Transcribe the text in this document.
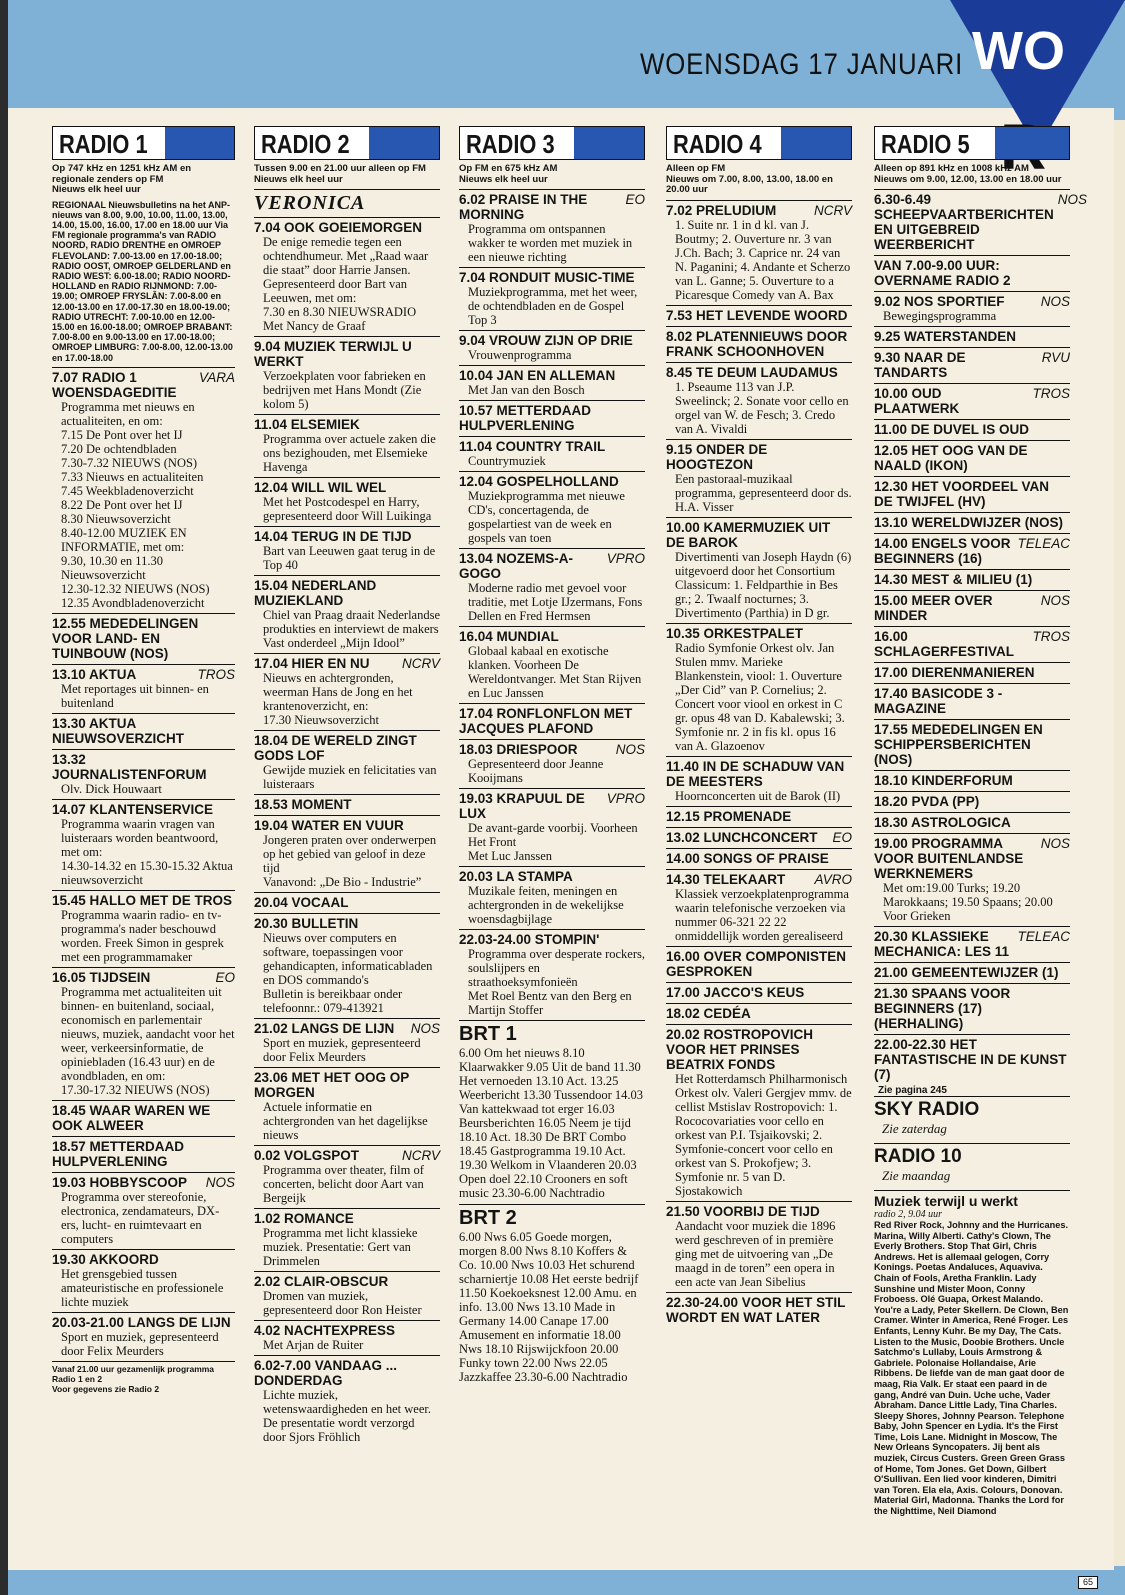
WO
WOENSDAG 17 JANUARI
RADIO 1
Op 747 kHz en 1251 kHz AM en regionale zenders op FM
Nieuws elk heel uur
REGIONAAL Nieuwsbulletins na het ANP-nieuws van 8.00, 9.00, 10.00, 11.00, 13.00, 14.00, 15.00, 16.00, 17.00 en 18.00 uur Via FM regionale programma's van RADIO NOORD, RADIO DRENTHE en OMROEP FLEVOLAND: 7.00-13.00 en 17.00-18.00; RADIO OOST, OMROEP GELDERLAND en RADIO WEST: 6.00-18.00; RADIO NOORD-HOLLAND en RADIO RIJNMOND: 7.00-19.00; OMROEP FRYSLÂN: 7.00-8.00 en 12.00-13.00 en 17.00-17.30 en 18.00-19.00; RADIO UTRECHT: 7.00-10.00 en 12.00-15.00 en 16.00-18.00; OMROEP BRABANT: 7.00-8.00 en 9.00-13.00 en 17.00-18.00; OMROEP LIMBURG: 7.00-8.00, 12.00-13.00 en 17.00-18.00
7.07 RADIO 1 WOENSDAGEDITIE
VARA
Programma met nieuws en actualiteiten, en om:
7.15 De Pont over het IJ
7.20 De ochtendbladen
7.30-7.32 NIEUWS (NOS)
7.33 Nieuws en actualiteiten
7.45 Weekbladenoverzicht
8.22 De Pont over het IJ
8.30 Nieuwsoverzicht
8.40-12.00 MUZIEK EN INFORMATIE, met om:
9.30, 10.30 en 11.30 Nieuwsoverzicht
12.30-12.32 NIEUWS (NOS)
12.35 Avondbladenoverzicht
12.55 MEDEDELINGEN VOOR LAND- EN TUINBOUW (NOS)
13.10 AKTUA	TROS
Met reportages uit binnen- en buitenland
13.30 AKTUA NIEUWSOVERZICHT
13.32 JOURNALISTENFORUM
Olv. Dick Houwaart
14.07 KLANTENSERVICE
Programma waarin vragen van luisteraars worden beantwoord, met om:
14.30-14.32 en 15.30-15.32 Aktua nieuwsoverzicht
15.45 HALLO MET DE TROS
Programma waarin radio- en tv-programma's nader beschouwd worden. Freek Simon in gesprek met een programmamaker
16.05 TIJDSEIN	EO
Programma met actualiteiten uit binnen- en buitenland, sociaal, economisch en parlementair nieuws, muziek, aandacht voor het weer, verkeersinformatie, de opiniebladen (16.43 uur) en de avondbladen, en om:
17.30-17.32 NIEUWS (NOS)
18.45 WAAR WAREN WE OOK ALWEER
18.57 METTERDAAD HULPVERLENING
19.03 HOBBYSCOOP	NOS
Programma over stereofonie, electronica, zendamateurs, DX-ers, lucht- en ruimtevaart en computers
19.30 AKKOORD
Het grensgebied tussen amateuristische en professionele lichte muziek
20.03-21.00 LANGS DE LIJN
Sport en muziek, gepresenteerd door Felix Meurders
Vanaf 21.00 uur gezamenlijk programma Radio 1 en 2
Voor gegevens zie Radio 2
RADIO 2
Tussen 9.00 en 21.00 uur alleen op FM
Nieuws elk heel uur
VERONICA
7.04 OOK GOEIEMORGEN
De enige remedie tegen een ochtendhumeur. Met „Raad waar die staat” door Harrie Jansen. Gepresenteerd door Bart van Leeuwen, met om:
7.30 en 8.30 NIEUWSRADIO
Met Nancy de Graaf
9.04 MUZIEK TERWIJL U WERKT
Verzoekplaten voor fabrieken en bedrijven met Hans Mondt (Zie kolom 5)
11.04 ELSEMIEK
Programma over actuele zaken die ons bezighouden, met Elsemieke Havenga
12.04 WILL WIL WEL
Met het Postcodespel en Harry, gepresenteerd door Will Luikinga
14.04 TERUG IN DE TIJD
Bart van Leeuwen gaat terug in de Top 40
15.04 NEDERLAND MUZIEKLAND
Chiel van Praag draait Nederlandse produkties en interviewt de makers
Vast onderdeel „Mijn Idool”
17.04 HIER EN NU	NCRV
Nieuws en achtergronden, weerman Hans de Jong en het krantenoverzicht, en:
17.30 Nieuwsoverzicht
18.04 DE WERELD ZINGT GODS LOF
Gewijde muziek en felicitaties van luisteraars
18.53 MOMENT
19.04 WATER EN VUUR
Jongeren praten over onderwerpen op het gebied van geloof in deze tijd
Vanavond: „De Bio - Industrie”
20.04 VOCAAL
20.30 BULLETIN
Nieuws over computers en software, toepassingen voor gehandicapten, informaticabladen en DOS commando's
Bulletin is bereikbaar onder telefoonnr.: 079-413921
21.02 LANGS DE LIJN	NOS
Sport en muziek, gepresenteerd door Felix Meurders
23.06 MET HET OOG OP MORGEN
Actuele informatie en achtergronden van het dagelijkse nieuws
0.02 VOLGSPOT	NCRV
Programma over theater, film of concerten, belicht door Aart van Bergeijk
1.02 ROMANCE
Programma met licht klassieke muziek. Presentatie: Gert van Drimmelen
2.02 CLAIR-OBSCUR
Dromen van muziek, gepresenteerd door Ron Heister
4.02 NACHTEXPRESS
Met Arjan de Ruiter
6.02-7.00 VANDAAG ... DONDERDAG
Lichte muziek, wetenswaardigheden en het weer. De presentatie wordt verzorgd door Sjors Fröhlich
RADIO 3
Op FM en 675 kHz AM
Nieuws elk heel uur
6.02 PRAISE IN THE MORNING
EO
Programma om ontspannen wakker te worden met muziek in een nieuwe richting
7.04 RONDUIT MUSIC-TIME
Muziekprogramma, met het weer, de ochtendbladen en de Gospel Top 3
9.04 VROUW ZIJN OP DRIE
Vrouwenprogramma
10.04 JAN EN ALLEMAN
Met Jan van den Bosch
10.57 METTERDAAD HULPVERLENING
11.04 COUNTRY TRAIL
Countrymuziek
12.04 GOSPELHOLLAND
Muziekprogramma met nieuwe CD's, concertagenda, de gospelartiest van de week en gospels van toen
13.04 NOZEMS-A-GOGO
VPRO
Moderne radio met gevoel voor traditie, met Lotje IJzermans, Fons Dellen en Fred Hermsen
16.04 MUNDIAL
Globaal kabaal en exotische klanken. Voorheen De Wereldontvanger. Met Stan Rijven en Luc Janssen
17.04 RONFLONFLON MET JACQUES PLAFOND
18.03 DRIESPOOR	NOS
Gepresenteerd door Jeanne Kooijmans
19.03 KRAPUUL DE LUX
VPRO
De avant-garde voorbij. Voorheen Het Front
Met Luc Janssen
20.03 LA STAMPA
Muzikale feiten, meningen en achtergronden in de wekelijkse woensdagbijlage
22.03-24.00 STOMPIN'
Programma over desperate rockers, soulslijpers en straathoeksymfonieën
Met Roel Bentz van den Berg en Martijn Stoffer
BRT 1
6.00 Om het nieuws 8.10 Klaarwakker 9.05 Uit de band 11.30 Het vernoeden 13.10 Act. 13.25 Weerbericht 13.30 Tussendoor 14.03 Van kattekwaad tot erger 16.03 Beursberichten 16.05 Neem je tijd 18.10 Act. 18.30 De BRT Combo 18.45 Gastprogramma 19.10 Act. 19.30 Welkom in Vlaanderen 20.03 Open doel 22.10 Crooners en soft music 23.30-6.00 Nachtradio
BRT 2
6.00 Nws 6.05 Goede morgen, morgen 8.00 Nws 8.10 Koffers & Co. 10.00 Nws 10.03 Het schurend scharniertje 10.08 Het eerste bedrijf 11.50 Koekoeksnest 12.00 Amu. en info. 13.00 Nws 13.10 Made in Germany 14.00 Canape 17.00 Amusement en informatie 18.00 Nws 18.10 Rijswijckfoon 20.00 Funky town 22.00 Nws 22.05 Jazzkaffee 23.30-6.00 Nachtradio
RADIO 4
Alleen op FM
Nieuws om 7.00, 8.00, 13.00, 18.00 en 20.00 uur
7.02 PRELUDIUM	NCRV
1. Suite nr. 1 in d kl. van J. Boutmy; 2. Ouverture nr. 3 van J.Ch. Bach; 3. Caprice nr. 24 van N. Paganini; 4. Andante et Scherzo van L. Ganne; 5. Ouverture to a Picaresque Comedy van A. Bax
7.53 HET LEVENDE WOORD
8.02 PLATENNIEUWS DOOR FRANK SCHOONHOVEN
8.45 TE DEUM LAUDAMUS
1. Pseaume 113 van J.P. Sweelinck; 2. Sonate voor cello en orgel van W. de Fesch; 3. Credo van A. Vivaldi
9.15 ONDER DE HOOGTEZON
Een pastoraal-muzikaal programma, gepresenteerd door ds. H.A. Visser
10.00 KAMERMUZIEK UIT DE BAROK
Divertimenti van Joseph Haydn (6) uitgevoerd door het Consortium Classicum: 1. Feldparthie in Bes gr.; 2. Twaalf nocturnes; 3. Divertimento (Parthia) in D gr.
10.35 ORKESTPALET
Radio Symfonie Orkest olv. Jan Stulen mmv. Marieke Blankenstein, viool: 1. Ouverture „Der Cid” van P. Cornelius; 2. Concert voor viool en orkest in C gr. opus 48 van D. Kabalewski; 3. Symfonie nr. 2 in fis kl. opus 16 van A. Glazoenov
11.40 IN DE SCHADUW VAN DE MEESTERS
Hoornconcerten uit de Barok (II)
12.15 PROMENADE
13.02 LUNCHCONCERT	EO
14.00 SONGS OF PRAISE
14.30 TELEKAART	AVRO
Klassiek verzoekplatenprogramma waarin telefonische verzoeken via nummer 06-321 22 22 onmiddellijk worden gerealiseerd
16.00 OVER COMPONISTEN GESPROKEN
17.00 JACCO'S KEUS
18.02 CEDÉA
20.02 ROSTROPOVICH VOOR HET PRINSES BEATRIX FONDS
Het Rotterdamsch Philharmonisch Orkest olv. Valeri Gergjev mmv. de cellist Mstislav Rostropovich: 1. Rococovariaties voor cello en orkest van P.I. Tsjaikovski; 2. Symfonie-concert voor cello en orkest van S. Prokofjew; 3. Symfonie nr. 5 van D. Sjostakowich
21.50 VOORBIJ DE TIJD
Aandacht voor muziek die 1896 werd geschreven of in première ging met de uitvoering van „De maagd in de toren” een opera in een acte van Jean Sibelius
22.30-24.00 VOOR HET STIL WORDT EN WAT LATER
RADIO 5
Alleen op 891 kHz en 1008 kHz AM
Nieuws om 9.00, 12.00, 13.00 en 18.00 uur
6.30-6.49 SCHEEPVAARTBERICHTEN EN UITGEBREID WEERBERICHT
NOS
VAN 7.00-9.00 UUR: OVERNAME RADIO 2
9.02 NOS SPORTIEF	NOS
Bewegingsprogramma
9.25 WATERSTANDEN
9.30 NAAR DE TANDARTS
RVU
10.00 OUD PLAATWERK
TROS
11.00 DE DUVEL IS OUD
12.05 HET OOG VAN DE NAALD (IKON)
12.30 HET VOORDEEL VAN DE TWIJFEL (HV)
13.10 WERELDWIJZER (NOS)
14.00 ENGELS VOOR BEGINNERS (16)
TELEAC
14.30 MEST & MILIEU (1)
15.00 MEER OVER MINDER
NOS
16.00 SCHLAGERFESTIVAL
TROS
17.00 DIERENMANIEREN
17.40 BASICODE 3 - MAGAZINE
17.55 MEDEDELINGEN EN SCHIPPERSBERICHTEN (NOS)
18.10 KINDERFORUM
18.20 PVDA (PP)
18.30 ASTROLOGICA
19.00 PROGRAMMA VOOR BUITENLANDSE WERKNEMERS
NOS
Met om:19.00 Turks; 19.20 Marokkaans; 19.50 Spaans; 20.00 Voor Grieken
20.30 KLASSIEKE MECHANICA: LES 11
TELEAC
21.00 GEMEENTEWIJZER (1)
21.30 SPAANS VOOR BEGINNERS (17) (HERHALING)
22.00-22.30 HET FANTASTISCHE IN DE KUNST (7)
Zie pagina 245
SKY RADIO
Zie zaterdag
RADIO 10
Zie maandag
Muziek terwijl u werkt
radio 2, 9.04 uur
Red River Rock, Johnny and the Hurricanes. Marina, Willy Alberti. Cathy's Clown, The Everly Brothers. Stop That Girl, Chris Andrews. Het is allemaal gelogen, Corry Konings. Poetas Andaluces, Aquaviva. Chain of Fools, Aretha Franklin. Lady Sunshine und Mister Moon, Conny Froboess. Olé Guapa, Orkest Malando. You're a Lady, Peter Skellern. De Clown, Ben Cramer. Winter in America, René Froger. Les Enfants, Lenny Kuhr. Be my Day, The Cats. Listen to the Music, Doobie Brothers. Uncle Satchmo's Lullaby, Louis Armstrong & Gabriele. Polonaise Hollandaise, Arie Ribbens. De liefde van de man gaat door de maag, Ria Valk. Er staat een paard in de gang, André van Duin. Uche uche, Vader Abraham. Dance Little Lady, Tina Charles. Sleepy Shores, Johnny Pearson. Telephone Baby, John Spencer en Lydia. It's the First Time, Lois Lane. Midnight in Moscow, The New Orleans Syncopaters. Jij bent als muziek, Circus Custers. Green Green Grass of Home, Tom Jones. Get Down, Gilbert O'Sullivan. Een lied voor kinderen, Dimitri van Toren. Ela ela, Axis. Colours, Donovan. Material Girl, Madonna. Thanks the Lord for the Nighttime, Neil Diamond
65
